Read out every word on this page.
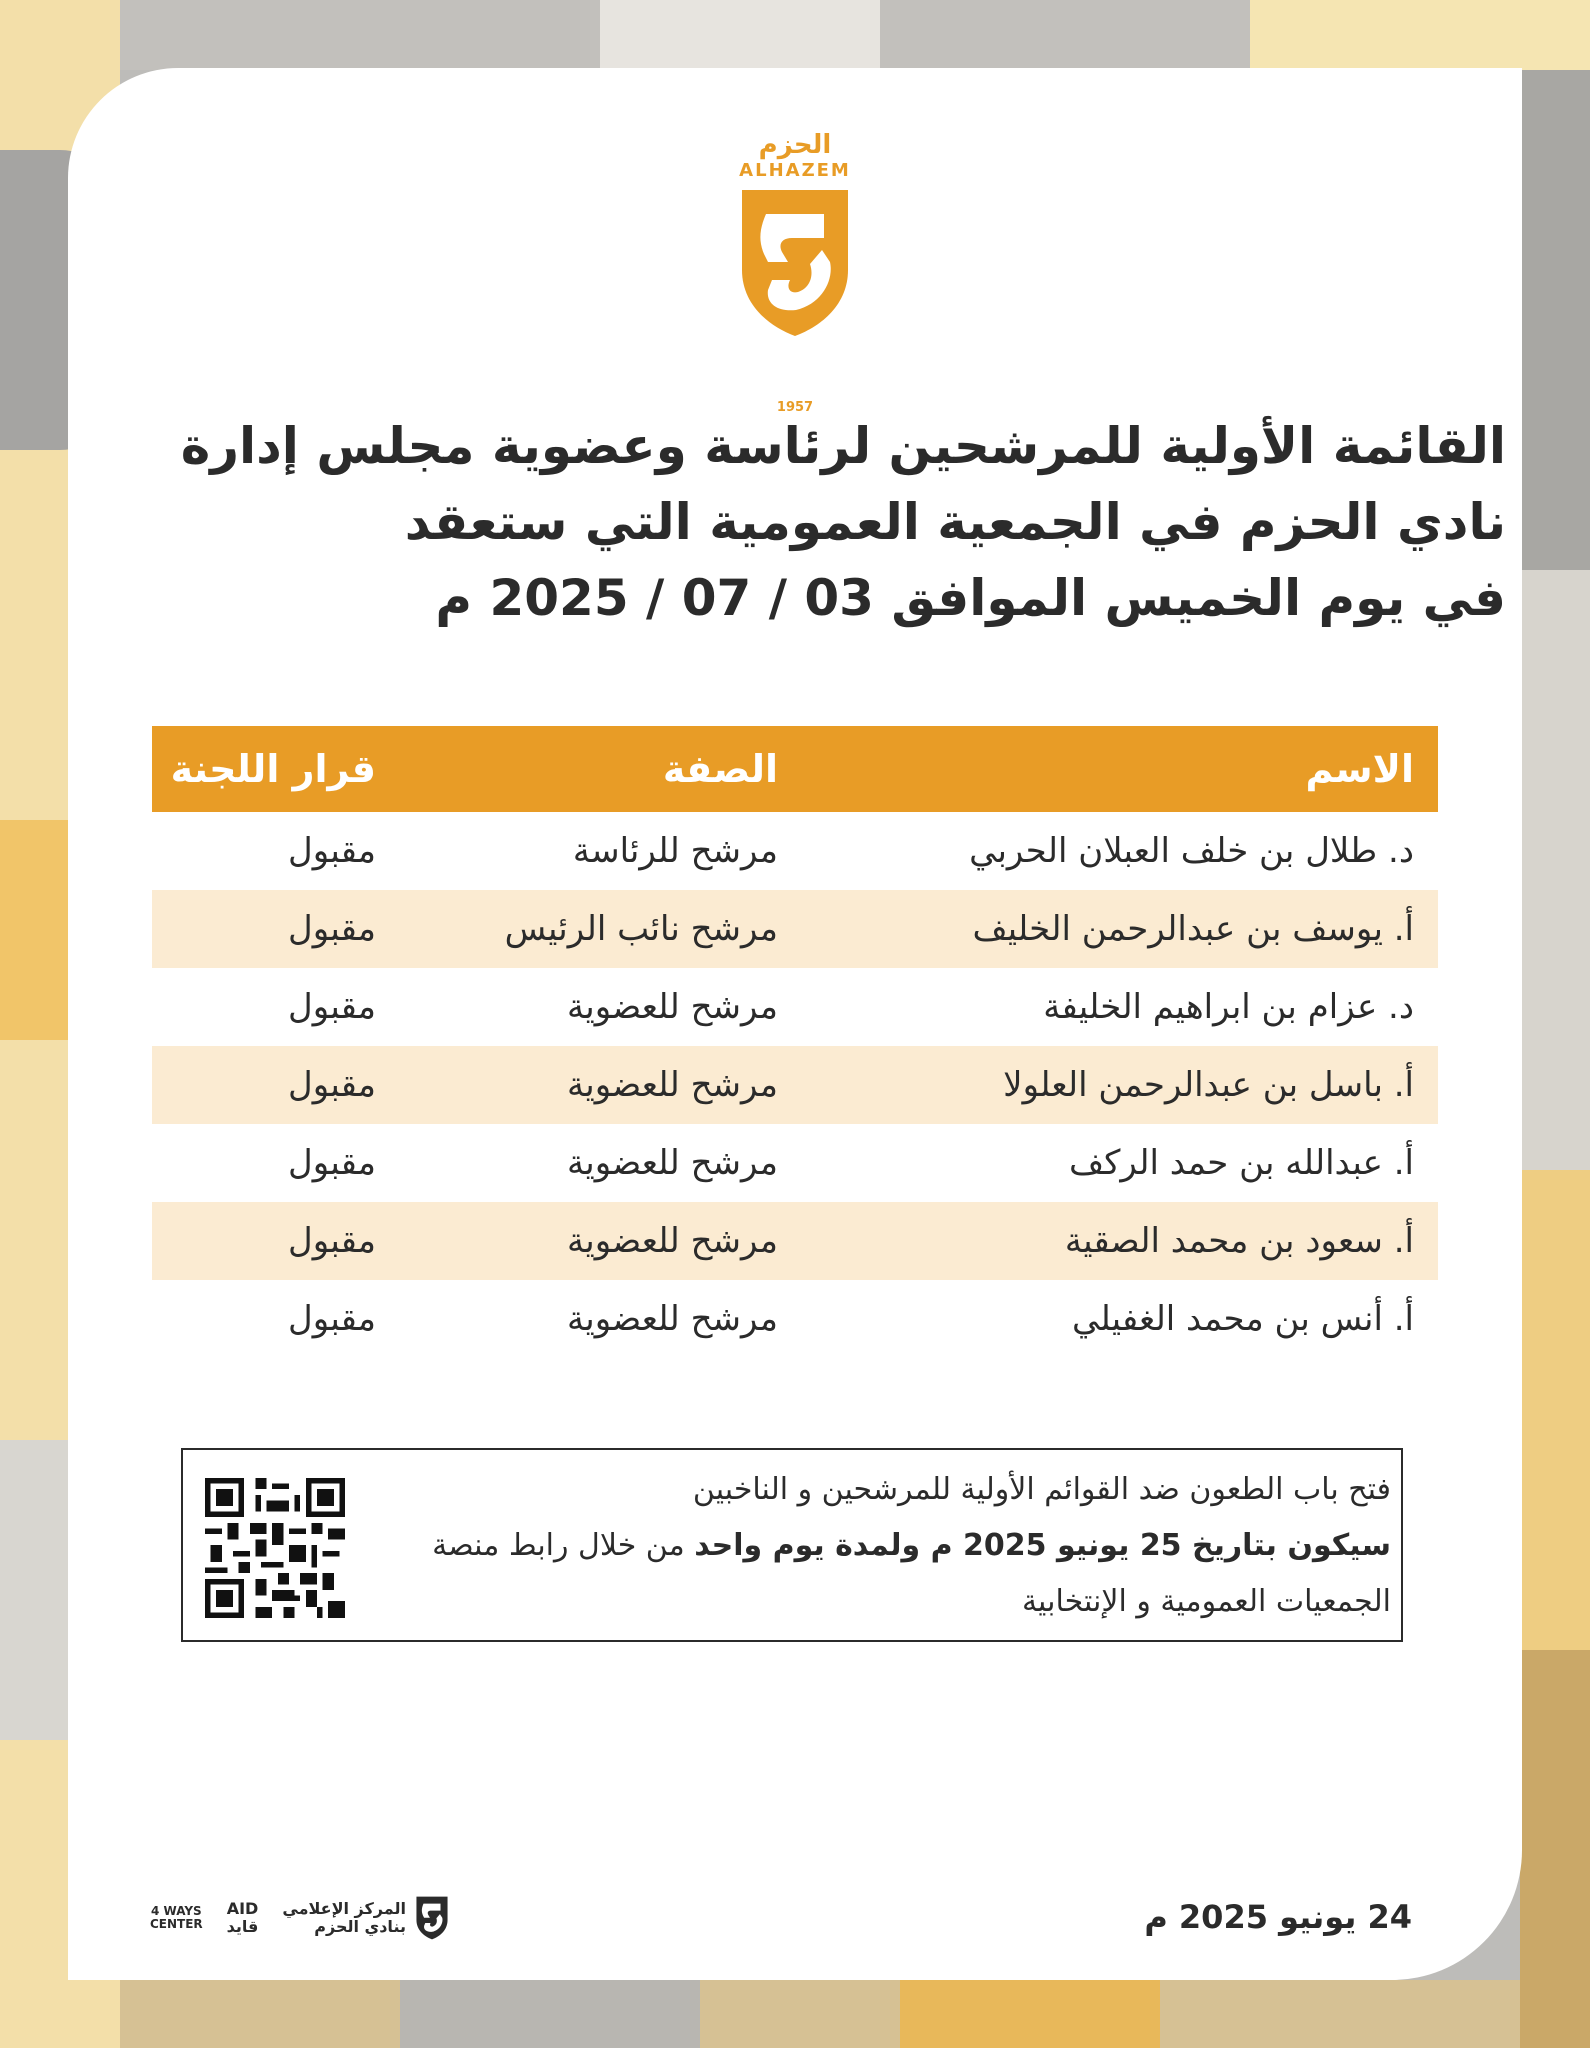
الحزم
ALHAZEM
1957
القائمة الأولية للمرشحين لرئاسة وعضوية مجلس إدارة
نادي الحزم في الجمعية العمومية التي ستعقد
في يوم الخميس الموافق 03 / 07 / 2025 م
الاسم
الصفة
قرار اللجنة
د. طلال بن خلف العبلان الحربي
مرشح للرئاسة
مقبول
أ. يوسف بن عبدالرحمن الخليف
مرشح نائب الرئيس
مقبول
د. عزام بن ابراهيم الخليفة
مرشح للعضوية
مقبول
أ. باسل بن عبدالرحمن العلولا
مرشح للعضوية
مقبول
أ. عبدالله بن حمد الركف
مرشح للعضوية
مقبول
أ. سعود بن محمد الصقية
مرشح للعضوية
مقبول
أ. أنس بن محمد الغفيلي
مرشح للعضوية
مقبول
فتح باب الطعون ضد القوائم الأولية للمرشحين و الناخبين
سيكون بتاريخ 25 يونيو 2025 م ولمدة يوم واحد من خلال رابط منصة
الجمعيات العمومية و الإنتخابية
24 يونيو 2025 م
4 WAYS
CENTER
AID
قايد
المركز الإعلامي
بنادي الحزم
